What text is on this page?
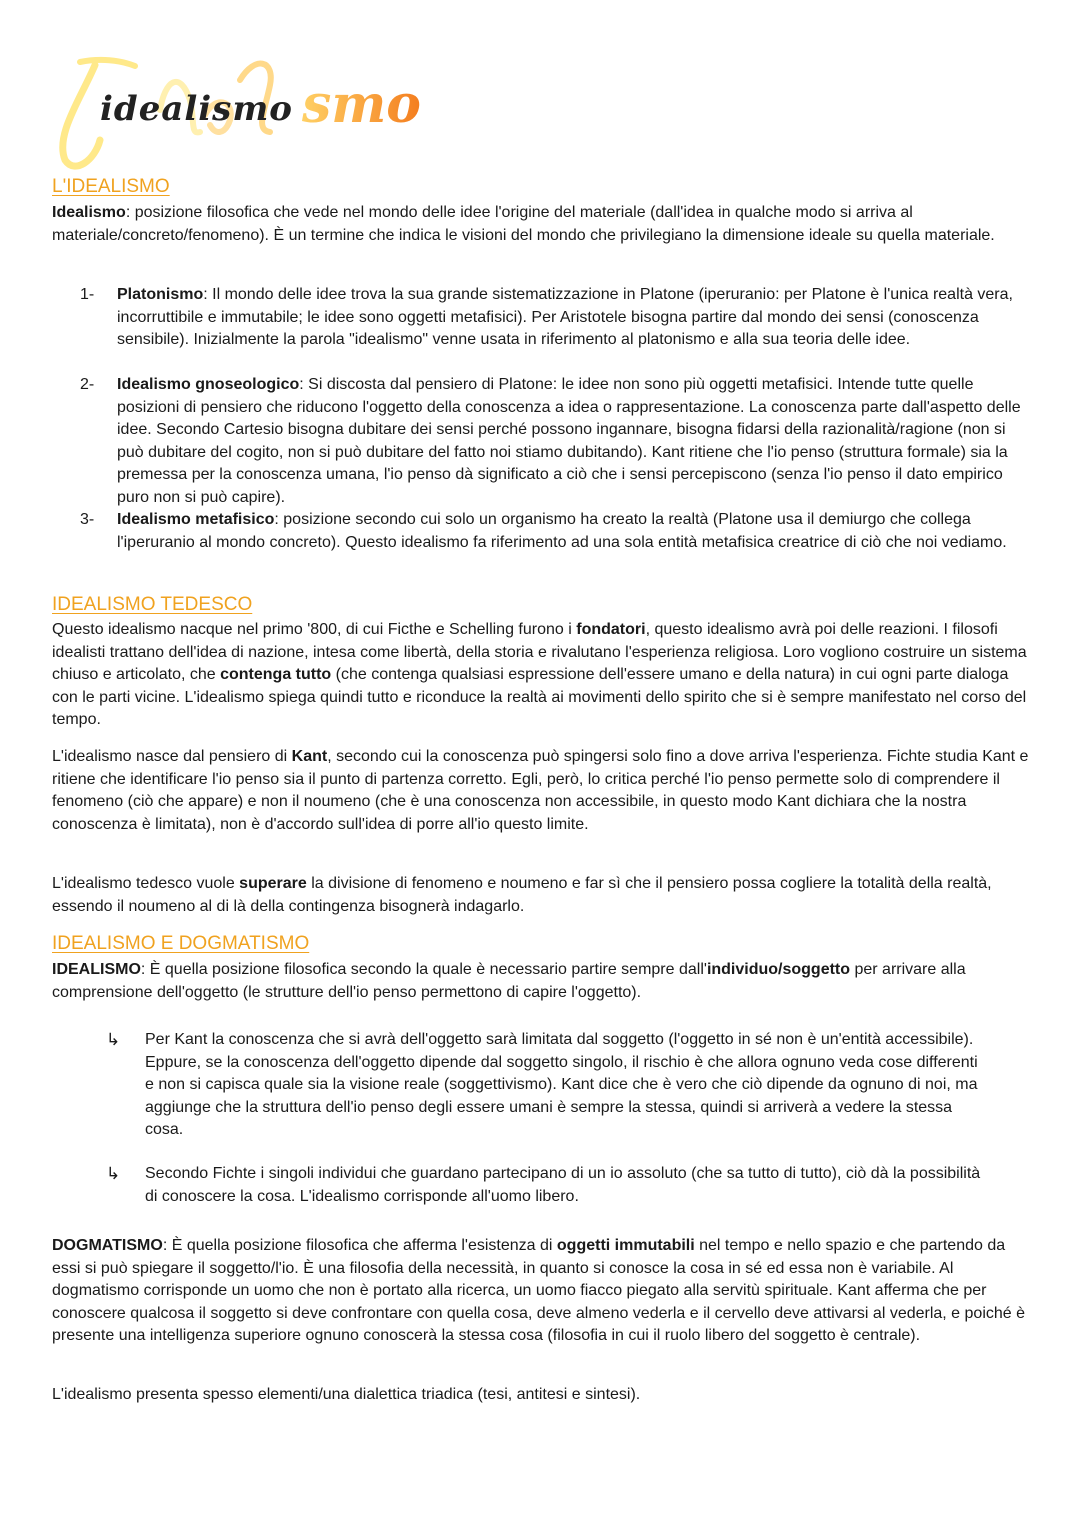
smo
idealismo
L'IDEALISMO

Idealismo: posizione filosofica che vede nel mondo delle idee l'origine del materiale (dall'idea in qualche modo si arriva al materiale/concreto/fenomeno). È un termine che indica le visioni del mondo che privilegiano la dimensione ideale su quella materiale.

1- Platonismo: Il mondo delle idee trova la sua grande sistematizzazione in Platone (iperuranio: per Platone è l'unica realtà vera, incorruttibile e immutabile; le idee sono oggetti metafisici). Per Aristotele bisogna partire dal mondo dei sensi (conoscenza sensibile). Inizialmente la parola "idealismo" venne usata in riferimento al platonismo e alla sua teoria delle idee.
2- Idealismo gnoseologico: Si discosta dal pensiero di Platone: le idee non sono più oggetti metafisici. Intende tutte quelle posizioni di pensiero che riducono l'oggetto della conoscenza a idea o rappresentazione. La conoscenza parte dall'aspetto delle idee. Secondo Cartesio bisogna dubitare dei sensi perché possono ingannare, bisogna fidarsi della razionalità/ragione (non si può dubitare del cogito, non si può dubitare del fatto noi stiamo dubitando). Kant ritiene che l'io penso (struttura formale) sia la premessa per la conoscenza umana, l'io penso dà significato a ciò che i sensi percepiscono (senza l'io penso il dato empirico puro non si può capire).
3- Idealismo metafisico: posizione secondo cui solo un organismo ha creato la realtà (Platone usa il demiurgo che collega l'iperuranio al mondo concreto). Questo idealismo fa riferimento ad una sola entità metafisica creatrice di ciò che noi vediamo.
IDEALISMO TEDESCO

Questo idealismo nacque nel primo '800, di cui Ficthe e Schelling furono i fondatori, questo idealismo avrà poi delle reazioni. I filosofi idealisti trattano dell'idea di nazione, intesa come libertà, della storia e rivalutano l'esperienza religiosa. Loro vogliono costruire un sistema chiuso e articolato, che contenga tutto (che contenga qualsiasi espressione dell'essere umano e della natura) in cui ogni parte dialoga con le parti vicine. L'idealismo spiega quindi tutto e riconduce la realtà ai movimenti dello spirito che si è sempre manifestato nel corso del tempo.

L'idealismo nasce dal pensiero di Kant, secondo cui la conoscenza può spingersi solo fino a dove arriva l'esperienza. Fichte studia Kant e ritiene che identificare l'io penso sia il punto di partenza corretto. Egli, però, lo critica perché l'io penso permette solo di comprendere il fenomeno (ciò che appare) e non il noumeno (che è una conoscenza non accessibile, in questo modo Kant dichiara che la nostra conoscenza è limitata), non è d'accordo sull'idea di porre all'io questo limite.

L'idealismo tedesco vuole superare la divisione di fenomeno e noumeno e far sì che il pensiero possa cogliere la totalità della realtà, essendo il noumeno al di là della contingenza bisognerà indagarlo.

IDEALISMO E DOGMATISMO

IDEALISMO: È quella posizione filosofica secondo la quale è necessario partire sempre dall'individuo/soggetto per arrivare alla comprensione dell'oggetto (le strutture dell'io penso permettono di capire l'oggetto).

↳ Per Kant la conoscenza che si avrà dell'oggetto sarà limitata dal soggetto (l'oggetto in sé non è un'entità accessibile). Eppure, se la conoscenza dell'oggetto dipende dal soggetto singolo, il rischio è che allora ognuno veda cose differenti e non si capisca quale sia la visione reale (soggettivismo). Kant dice che è vero che ciò dipende da ognuno di noi, ma aggiunge che la struttura dell'io penso degli essere umani è sempre la stessa, quindi si arriverà a vedere la stessa cosa.
↳ Secondo Fichte i singoli individui che guardano partecipano di un io assoluto (che sa tutto di tutto), ciò dà la possibilità di conoscere la cosa. L'idealismo corrisponde all'uomo libero.

DOGMATISMO: È quella posizione filosofica che afferma l'esistenza di oggetti immutabili nel tempo e nello spazio e che partendo da essi si può spiegare il soggetto/l'io. È una filosofia della necessità, in quanto si conosce la cosa in sé ed essa non è variabile. Al dogmatismo corrisponde un uomo che non è portato alla ricerca, un uomo fiacco piegato alla servitù spirituale. Kant afferma che per conoscere qualcosa il soggetto si deve confrontare con quella cosa, deve almeno vederla e il cervello deve attivarsi al vederla, e poiché è presente una intelligenza superiore ognuno conoscerà la stessa cosa (filosofia in cui il ruolo libero del soggetto è centrale).

L'idealismo presenta spesso elementi/una dialettica triadica (tesi, antitesi e sintesi).
